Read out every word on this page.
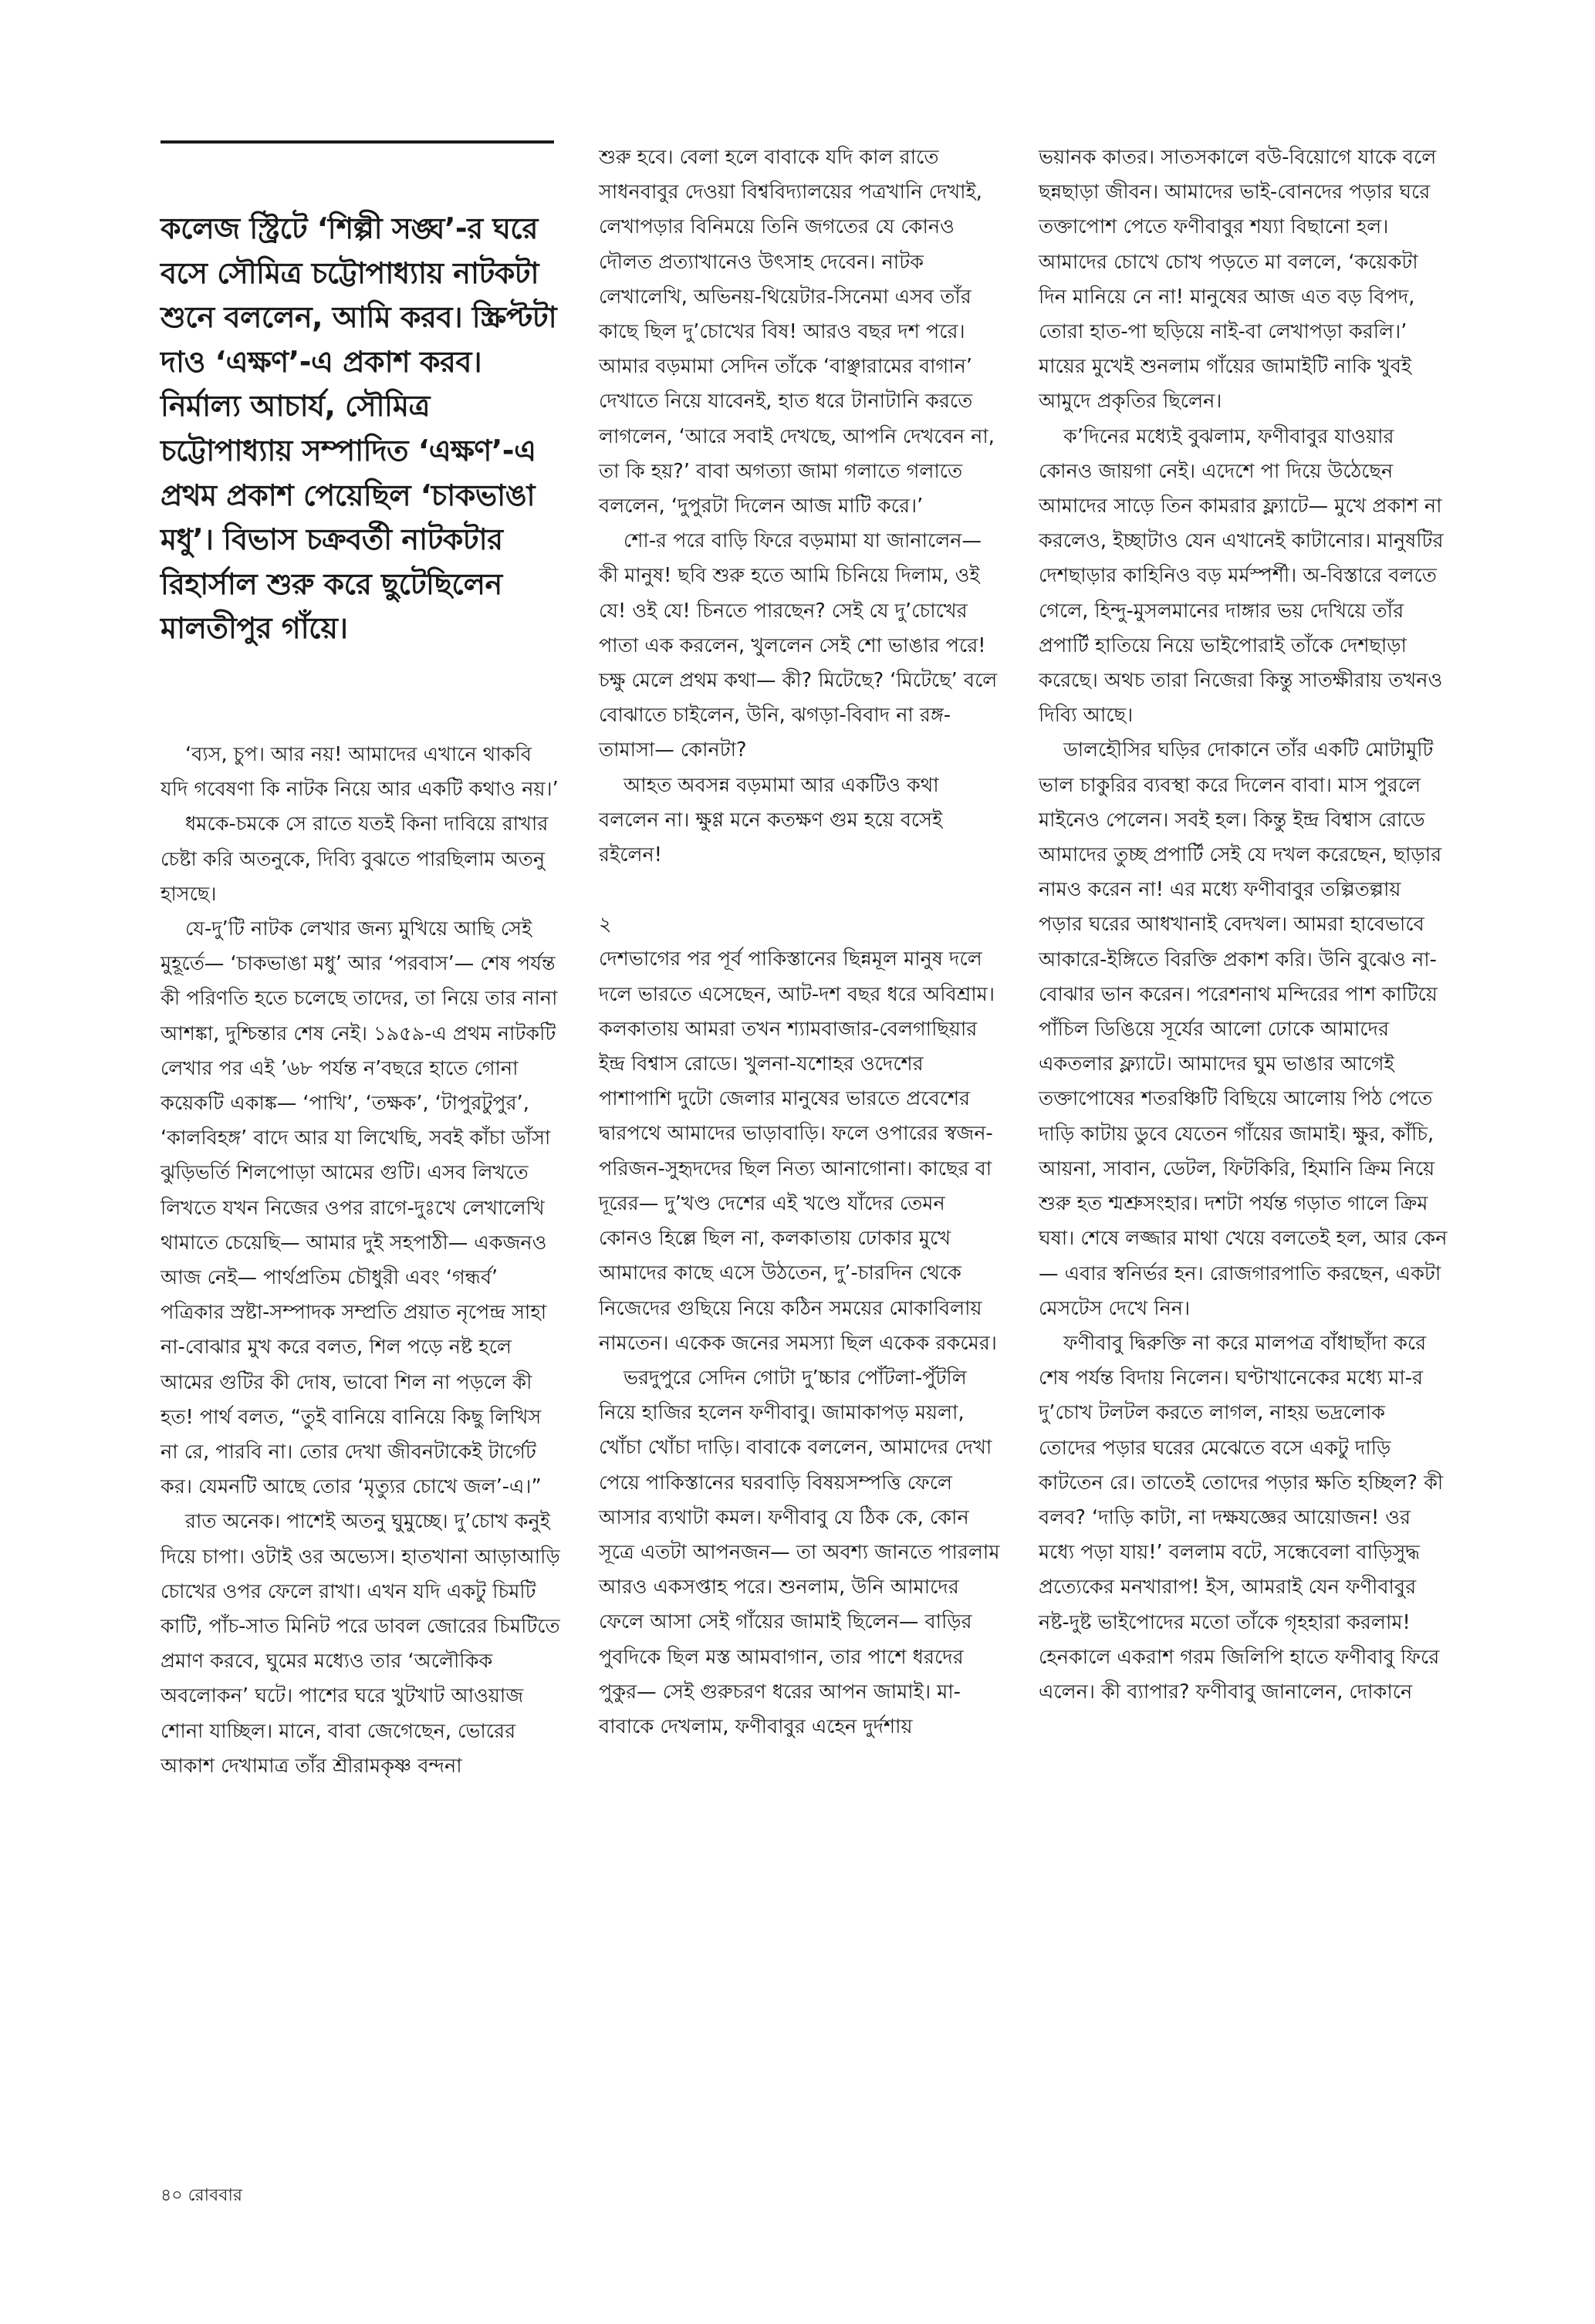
কলেজ স্ট্রিটে ‘শিল্পী সঙ্ঘ’-র ঘরে বসে সৌমিত্র চট্টোপাধ্যায় নাটকটা শুনে বললেন, আমি করব। স্ক্রিপ্টটা দাও ‘এক্ষণ’-এ প্রকাশ করব। নির্মাল্য আচার্য, সৌমিত্র চট্টোপাধ্যায় সম্পাদিত ‘এক্ষণ’-এ প্রথম প্রকাশ পেয়েছিল ‘চাকভাঙা মধু’। বিভাস চক্রবর্তী নাটকটার রিহার্সাল শুরু করে ছুটেছিলেন মালতীপুর গাঁয়ে।

‘ব্যস, চুপ। আর নয়! আমাদের এখানে থাকবি যদি গবেষণা কি নাটক নিয়ে আর একটি কথাও নয়।’

ধমকে-চমকে সে রাতে যতই কিনা দাবিয়ে রাখার চেষ্টা করি অতনুকে, দিব্যি বুঝতে পারছিলাম অতনু হাসছে।

যে-দু’টি নাটক লেখার জন্য মুখিয়ে আছি সেই মুহূর্তে— ‘চাকভাঙা মধু’ আর ‘পরবাস’— শেষ পর্যন্ত কী পরিণতি হতে চলেছে তাদের, তা নিয়ে তার নানা আশঙ্কা, দুশ্চিন্তার শেষ নেই। ১৯৫৯-এ প্রথম নাটকটি লেখার পর এই ’৬৮ পর্যন্ত ন’বছরে হাতে গোনা কয়েকটি একাঙ্ক— ‘পাখি’, ‘তক্ষক’, ‘টাপুরটুপুর’, ‘কালবিহঙ্গ’ বাদে আর যা লিখেছি, সবই কাঁচা ডাঁসা ঝুড়িভর্তি শিলপোড়া আমের গুটি। এসব লিখতে লিখতে যখন নিজের ওপর রাগে-দুঃখে লেখালেখি থামাতে চেয়েছি— আমার দুই সহপাঠী— একজনও আজ নেই— পার্থপ্রতিম চৌধুরী এবং ‘গন্ধর্ব’ পত্রিকার স্রষ্টা-সম্পাদক সম্প্রতি প্রয়াত নৃপেন্দ্র সাহা না-বোঝার মুখ করে বলত, শিল পড়ে নষ্ট হলে আমের গুটির কী দোষ, ভাবো শিল না পড়লে কী হত! পার্থ বলত, “তুই বানিয়ে বানিয়ে কিছু লিখিস না রে, পারবি না। তোর দেখা জীবনটাকেই টার্গেট কর। যেমনটি আছে তোর ‘মৃত্যুর চোখে জল’-এ।”

রাত অনেক। পাশেই অতনু ঘুমুচ্ছে। দু’চোখ কনুই দিয়ে চাপা। ওটাই ওর অভ্যেস। হাতখানা আড়াআড়ি চোখের ওপর ফেলে রাখা। এখন যদি একটু চিমটি কাটি, পাঁচ-সাত মিনিট পরে ডাবল জোরের চিমটিতে প্রমাণ করবে, ঘুমের মধ্যেও তার ‘অলৌকিক অবলোকন’ ঘটে। পাশের ঘরে খুটখাট আওয়াজ শোনা যাচ্ছিল। মানে, বাবা জেগেছেন, ভোরের আকাশ দেখামাত্র তাঁর শ্রীরামকৃষ্ণ বন্দনা

শুরু হবে। বেলা হলে বাবাকে যদি কাল রাতে সাধনবাবুর দেওয়া বিশ্ববিদ্যালয়ের পত্রখানি দেখাই, লেখাপড়ার বিনিময়ে তিনি জগতের যে কোনও দৌলত প্রত্যাখানেও উৎসাহ দেবেন। নাটক লেখালেখি, অভিনয়-থিয়েটার-সিনেমা এসব তাঁর কাছে ছিল দু’চোখের বিষ! আরও বছর দশ পরে। আমার বড়মামা সেদিন তাঁকে ‘বাঞ্ছারামের বাগান’ দেখাতে নিয়ে যাবেনই, হাত ধরে টানাটানি করতে লাগলেন, ‘আরে সবাই দেখছে, আপনি দেখবেন না, তা কি হয়?’ বাবা অগত্যা জামা গলাতে গলাতে বললেন, ‘দুপুরটা দিলেন আজ মাটি করে।’

শো-র পরে বাড়ি ফিরে বড়মামা যা জানালেন— কী মানুষ! ছবি শুরু হতে আমি চিনিয়ে দিলাম, ওই যে! ওই যে! চিনতে পারছেন? সেই যে দু’চোখের পাতা এক করলেন, খুললেন সেই শো ভাঙার পরে! চক্ষু মেলে প্রথম কথা— কী? মিটেছে? ‘মিটেছে’ বলে বোঝাতে চাইলেন, উনি, ঝগড়া-বিবাদ না রঙ্গ-তামাসা— কোনটা?

আহত অবসন্ন বড়মামা আর একটিও কথা বললেন না। ক্ষুণ্ণ মনে কতক্ষণ গুম হয়ে বসেই রইলেন!

২

দেশভাগের পর পূর্ব পাকিস্তানের ছিন্নমূল মানুষ দলে দলে ভারতে এসেছেন, আট-দশ বছর ধরে অবিশ্রাম। কলকাতায় আমরা তখন শ্যামবাজার-বেলগাছিয়ার ইন্দ্র বিশ্বাস রোডে। খুলনা-যশোহর ওদেশের পাশাপাশি দুটো জেলার মানুষের ভারতে প্রবেশের দ্বারপথে আমাদের ভাড়াবাড়ি। ফলে ওপারের স্বজন-পরিজন-সুহৃদদের ছিল নিত্য আনাগোনা। কাছের বা দূরের— দু’খণ্ড দেশের এই খণ্ডে যাঁদের তেমন কোনও হিল্লে ছিল না, কলকাতায় ঢোকার মুখে আমাদের কাছে এসে উঠতেন, দু’-চারদিন থেকে নিজেদের গুছিয়ে নিয়ে কঠিন সময়ের মোকাবিলায় নামতেন। একেক জনের সমস্যা ছিল একেক রকমের।

ভরদুপুরে সেদিন গোটা দু’চ্চার পোঁটলা-পুঁটলি নিয়ে হাজির হলেন ফণীবাবু। জামাকাপড় ময়লা, খোঁচা খোঁচা দাড়ি। বাবাকে বললেন, আমাদের দেখা পেয়ে পাকিস্তানের ঘরবাড়ি বিষয়সম্পত্তি ফেলে আসার ব্যথাটা কমল। ফণীবাবু যে ঠিক কে, কোন সূত্রে এতটা আপনজন— তা অবশ্য জানতে পারলাম আরও একসপ্তাহ পরে। শুনলাম, উনি আমাদের ফেলে আসা সেই গাঁয়ের জামাই ছিলেন— বাড়ির পুবদিকে ছিল মস্ত আমবাগান, তার পাশে ধরদের পুকুর— সেই গুরুচরণ ধরের আপন জামাই। মা-বাবাকে দেখলাম, ফণীবাবুর এহেন দুর্দশায়

ভয়ানক কাতর। সাতসকালে বউ-বিয়োগে যাকে বলে ছন্নছাড়া জীবন। আমাদের ভাই-বোনদের পড়ার ঘরে তক্তাপোশ পেতে ফণীবাবুর শয্যা বিছানো হল। আমাদের চোখে চোখ পড়তে মা বললে, ‘কয়েকটা দিন মানিয়ে নে না! মানুষের আজ এত বড় বিপদ, তোরা হাত-পা ছড়িয়ে নাই-বা লেখাপড়া করলি।’ মায়ের মুখেই শুনলাম গাঁয়ের জামাইটি নাকি খুবই আমুদে প্রকৃতির ছিলেন।

ক’দিনের মধ্যেই বুঝলাম, ফণীবাবুর যাওয়ার কোনও জায়গা নেই। এদেশে পা দিয়ে উঠেছেন আমাদের সাড়ে তিন কামরার ফ্ল্যাটে— মুখে প্রকাশ না করলেও, ইচ্ছাটাও যেন এখানেই কাটানোর। মানুষটির দেশছাড়ার কাহিনিও বড় মর্মস্পর্শী। অ-বিস্তারে বলতে গেলে, হিন্দু-মুসলমানের দাঙ্গার ভয় দেখিয়ে তাঁর প্রপার্টি হাতিয়ে নিয়ে ভাইপোরাই তাঁকে দেশছাড়া করেছে। অথচ তারা নিজেরা কিন্তু সাতক্ষীরায় তখনও দিব্যি আছে।

ডালহৌসির ঘড়ির দোকানে তাঁর একটি মোটামুটি ভাল চাকুরির ব্যবস্থা করে দিলেন বাবা। মাস পুরলে মাইনেও পেলেন। সবই হল। কিন্তু ইন্দ্র বিশ্বাস রোডে আমাদের তুচ্ছ প্রপার্টি সেই যে দখল করেছেন, ছাড়ার নামও করেন না! এর মধ্যে ফণীবাবুর তল্পিতল্পায় পড়ার ঘরের আধখানাই বেদখল। আমরা হাবেভাবে আকারে-ইঙ্গিতে বিরক্তি প্রকাশ করি। উনি বুঝেও না-বোঝার ভান করেন। পরেশনাথ মন্দিরের পাশ কাটিয়ে পাঁচিল ডিঙিয়ে সূর্যের আলো ঢোকে আমাদের একতলার ফ্ল্যাটে। আমাদের ঘুম ভাঙার আগেই তক্তাপোষের শতরঞ্চিটি বিছিয়ে আলোয় পিঠ পেতে দাড়ি কাটায় ডুবে যেতেন গাঁয়ের জামাই। ক্ষুর, কাঁচি, আয়না, সাবান, ডেটল, ফিটকিরি, হিমানি ক্রিম নিয়ে শুরু হত শ্মশ্রুসংহার। দশটা পর্যন্ত গড়াত গালে ক্রিম ঘষা। শেষে লজ্জার মাথা খেয়ে বলতেই হল, আর কেন— এবার স্বনির্ভর হন। রোজগারপাতি করছেন, একটা মেসটেস দেখে নিন।

ফণীবাবু দ্বিরুক্তি না করে মালপত্র বাঁধাছাঁদা করে শেষ পর্যন্ত বিদায় নিলেন। ঘণ্টাখানেকের মধ্যে মা-র দু’চোখ টলটল করতে লাগল, নাহয় ভদ্রলোক তোদের পড়ার ঘরের মেঝেতে বসে একটু দাড়ি কাটতেন রে। তাতেই তোদের পড়ার ক্ষতি হচ্ছিল? কী বলব? ‘দাড়ি কাটা, না দক্ষযজ্ঞের আয়োজন! ওর মধ্যে পড়া যায়!’ বললাম বটে, সন্ধেবেলা বাড়িসুদ্ধ প্রত্যেকের মনখারাপ! ইস, আমরাই যেন ফণীবাবুর নষ্ট-দুষ্ট ভাইপোদের মতো তাঁকে গৃহহারা করলাম! হেনকালে একরাশ গরম জিলিপি হাতে ফণীবাবু ফিরে এলেন। কী ব্যাপার? ফণীবাবু জানালেন, দোকানে

৪০ রোববার
